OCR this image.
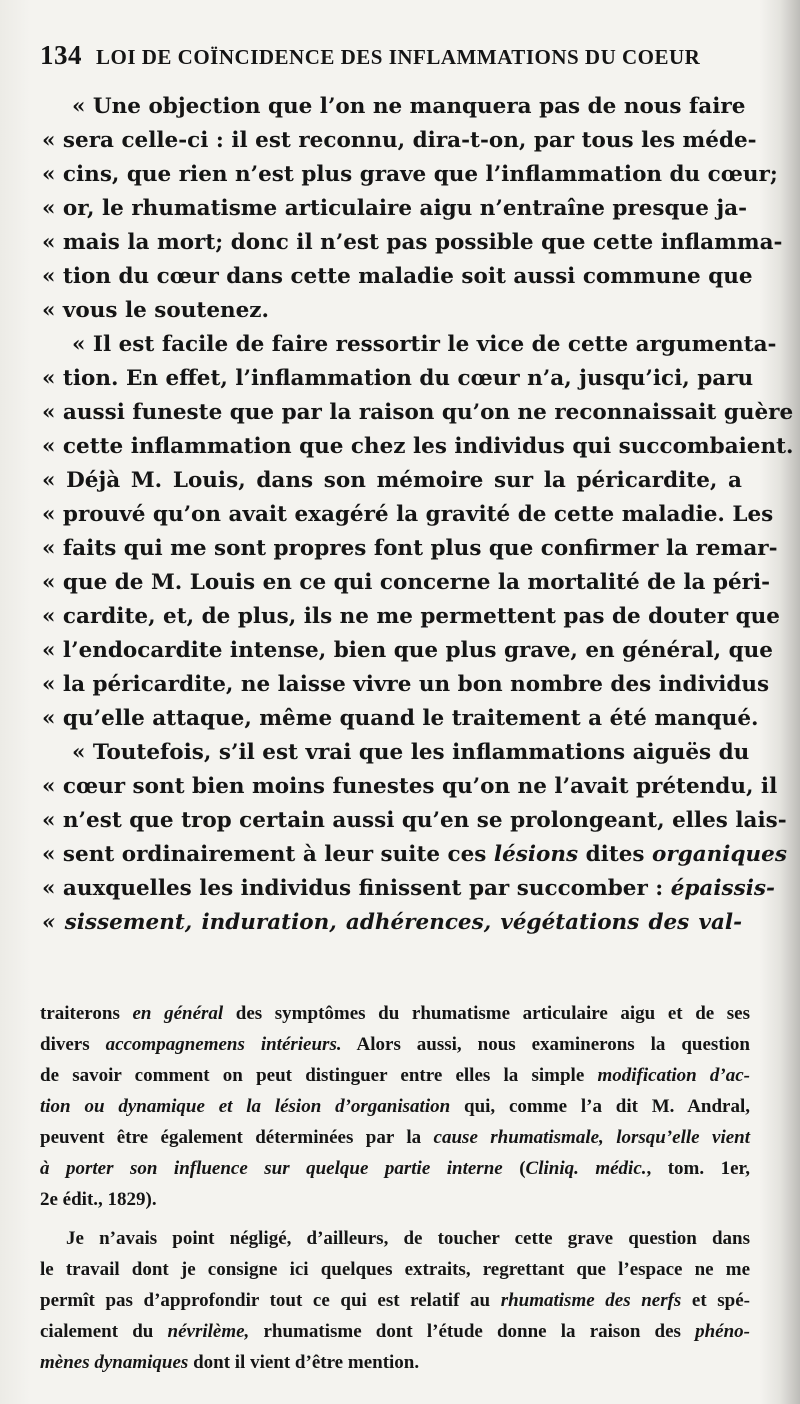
134 LOI DE COÏNCIDENCE DES INFLAMMATIONS DU COEUR
« Une objection que l’on ne manquera pas de nous faire
« sera celle-ci : il est reconnu, dira-t-on, par tous les méde-
« cins, que rien n’est plus grave que l’inflammation du cœur;
« or, le rhumatisme articulaire aigu n’entraîne presque ja-
« mais la mort; donc il n’est pas possible que cette inflamma-
« tion du cœur dans cette maladie soit aussi commune que
« vous le soutenez.
« Il est facile de faire ressortir le vice de cette argumenta-
« tion. En effet, l’inflammation du cœur n’a, jusqu’ici, paru
« aussi funeste que par la raison qu’on ne reconnaissait guère
« cette inflammation que chez les individus qui succombaient.
« Déjà M. Louis, dans son mémoire sur la péricardite, a
« prouvé qu’on avait exagéré la gravité de cette maladie. Les
« faits qui me sont propres font plus que confirmer la remar-
« que de M. Louis en ce qui concerne la mortalité de la péri-
« cardite, et, de plus, ils ne me permettent pas de douter que
« l’endocardite intense, bien que plus grave, en général, que
« la péricardite, ne laisse vivre un bon nombre des individus
« qu’elle attaque, même quand le traitement a été manqué.
« Toutefois, s’il est vrai que les inflammations aiguës du
« cœur sont bien moins funestes qu’on ne l’avait prétendu, il
« n’est que trop certain aussi qu’en se prolongeant, elles lais-
« sent ordinairement à leur suite ces lésions dites organiques
« auxquelles les individus finissent par succomber : épaissis-
« sissement, induration, adhérences, végétations des val-
traiterons en général des symptômes du rhumatisme articulaire aigu et de ses
divers accompagnemens intérieurs. Alors aussi, nous examinerons la question
de savoir comment on peut distinguer entre elles la simple modification d’ac-
tion ou dynamique et la lésion d’organisation qui, comme l’a dit M. Andral,
peuvent être également déterminées par la cause rhumatismale, lorsqu’elle vient
à porter son influence sur quelque partie interne (Cliniq. médic., tom. 1er,
2e édit., 1829).
Je n’avais point négligé, d’ailleurs, de toucher cette grave question dans
le travail dont je consigne ici quelques extraits, regrettant que l’espace ne me
permît pas d’approfondir tout ce qui est relatif au rhumatisme des nerfs et spé-
cialement du névrilème, rhumatisme dont l’étude donne la raison des phéno-
mènes dynamiques dont il vient d’être mention.
